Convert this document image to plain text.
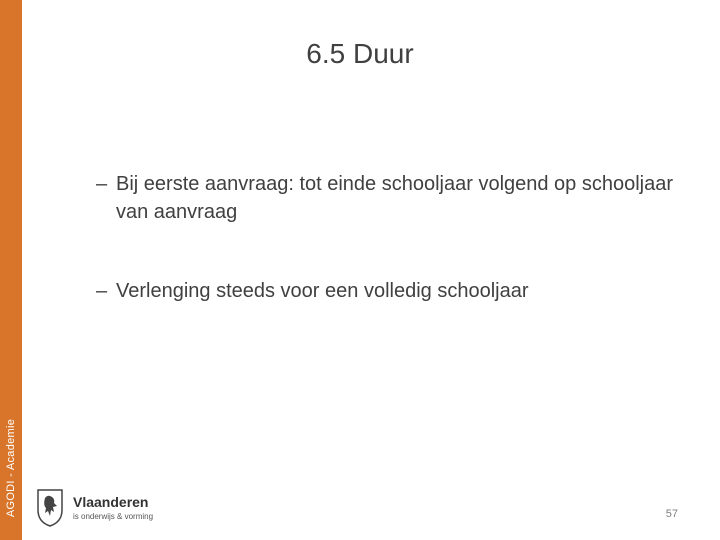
AGODI - Academie
6.5 Duur
– Bij eerste aanvraag: tot einde schooljaar volgend op schooljaar van aanvraag
– Verlenging steeds voor een volledig schooljaar
Vlaanderen
is onderwijs & vorming	57
